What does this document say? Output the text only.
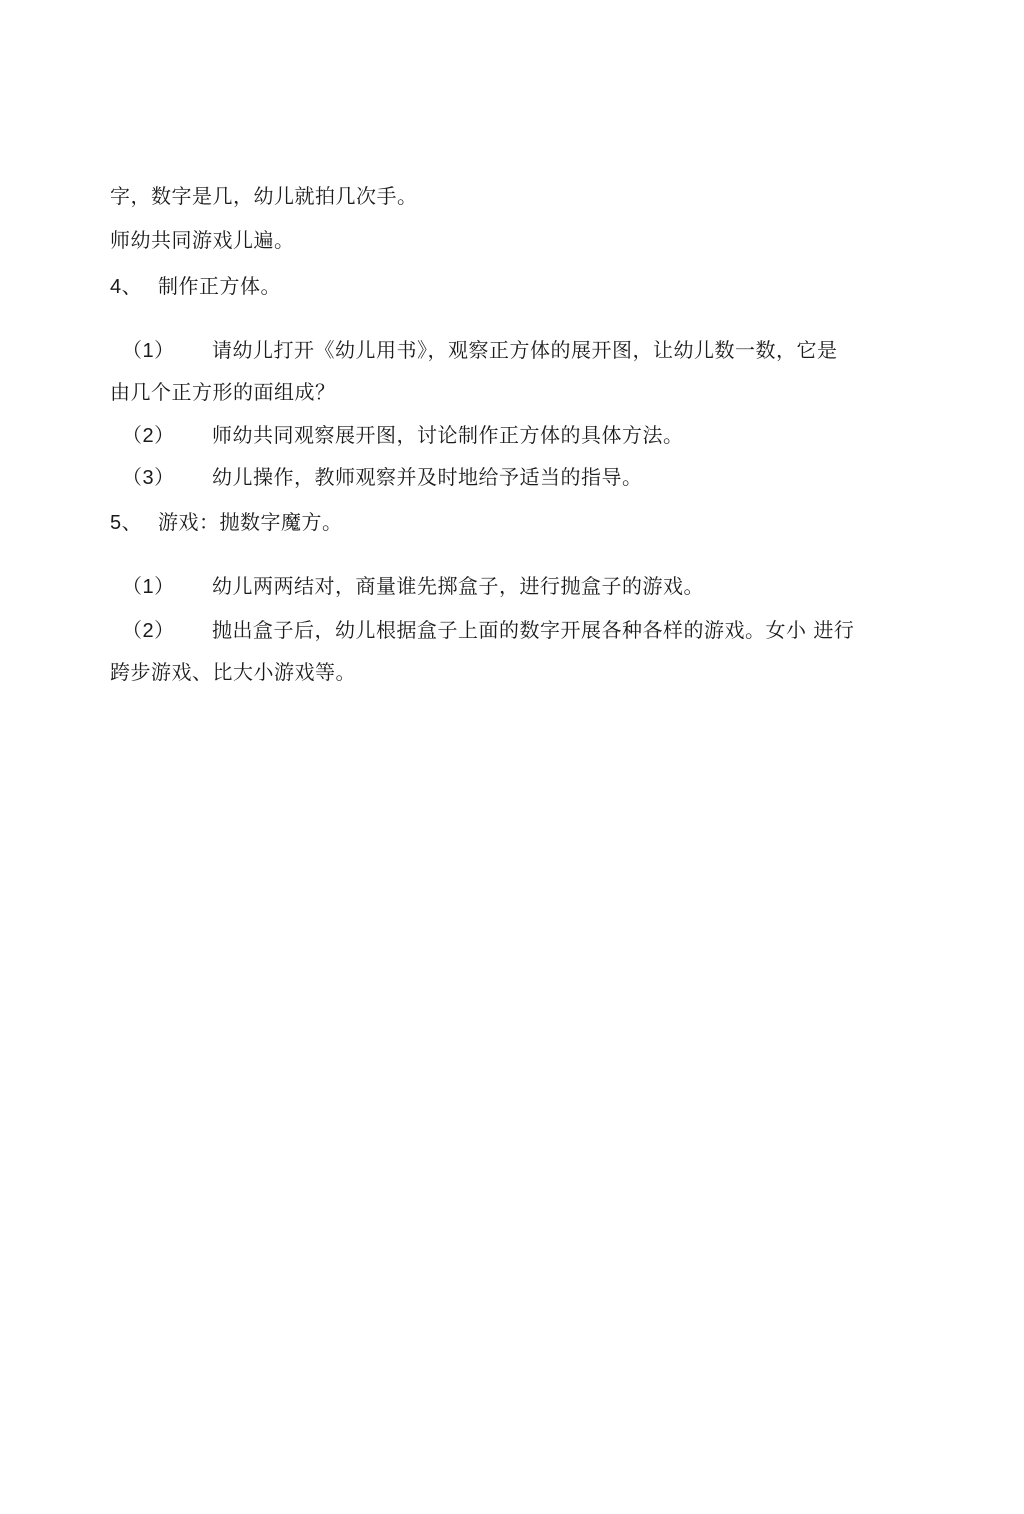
字，数字是几，幼儿就拍几次手。
师幼共同游戏儿遍。
4、 制作正方体。
（1） 请幼儿打开《幼儿用书》，观察正方体的展开图，让幼儿数一数，它是
由几个正方形的面组成？
（2） 师幼共同观察展开图，讨论制作正方体的具体方法。
（3） 幼儿操作，教师观察并及时地给予适当的指导。
5、 游戏：抛数字魔方。
（1） 幼儿两两结对，商量谁先掷盒子，进行抛盒子的游戏。
（2） 抛出盒子后，幼儿根据盒子上面的数字开展各种各样的游戏。女小 进行
跨步游戏、比大小游戏等。
